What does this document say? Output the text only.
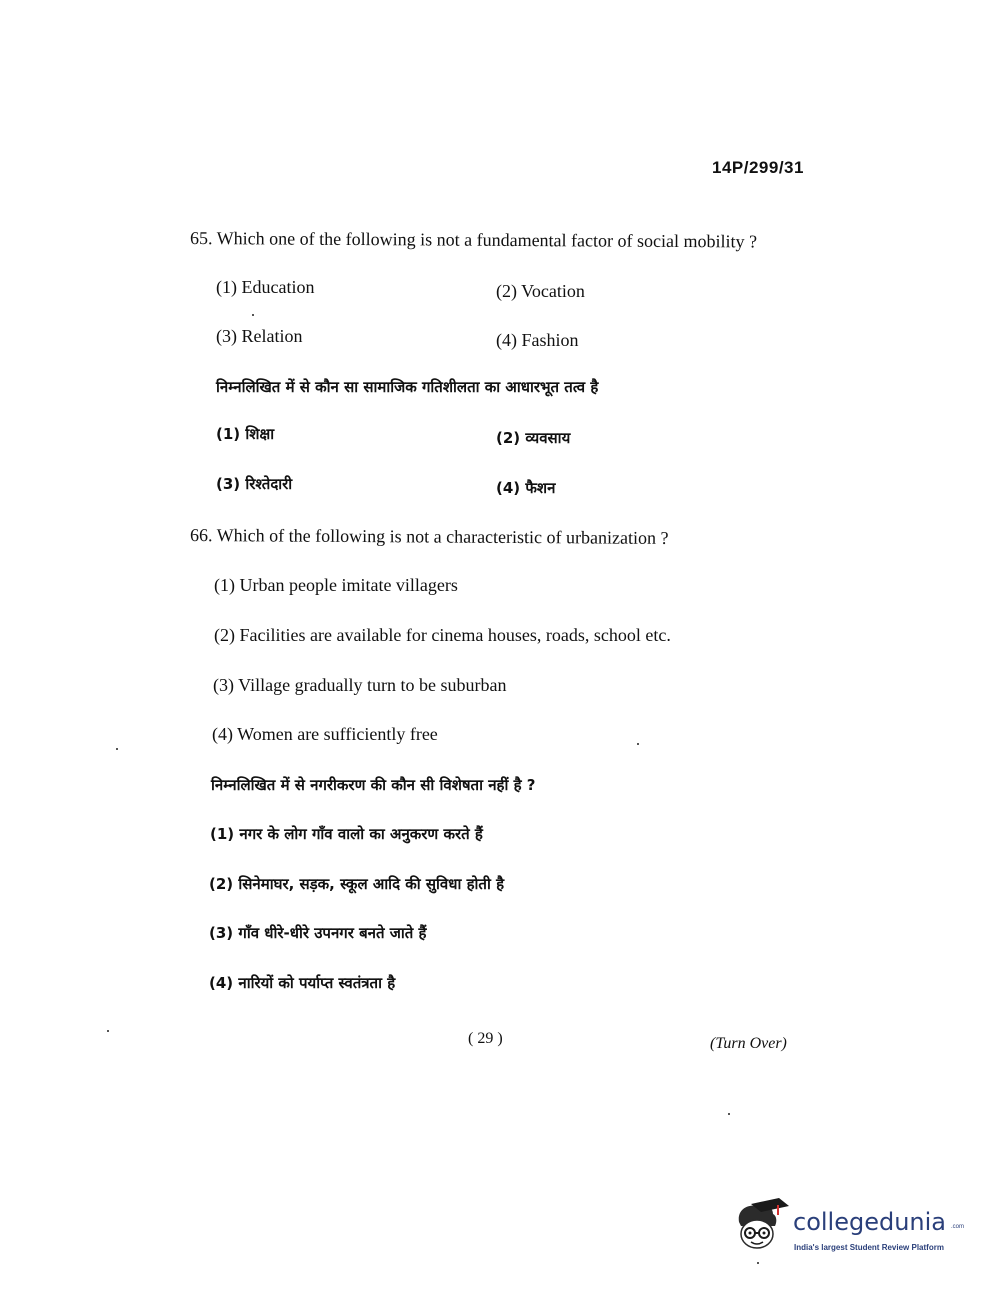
14P/299/31
65. Which one of the following is not a fundamental factor of social mobility ?
(1) Education	(2) Vocation
(3) Relation	(4) Fashion
निम्नलिखित में से कौन सा सामाजिक गतिशीलता का आधारभूत तत्व है
(1) शिक्षा	(2) व्यवसाय
(3) रिश्तेदारी	(4) फैशन
66. Which of the following is not a characteristic of urbanization ?
(1) Urban people imitate villagers
(2) Facilities are available for cinema houses, roads, school etc.
(3) Village gradually turn to be suburban
(4) Women are sufficiently free
निम्नलिखित में से नगरीकरण की कौन सी विशेषता नहीं है ?
(1) नगर के लोग गाँव वालो का अनुकरण करते हैं
(2) सिनेमाघर, सड़क, स्कूल आदि की सुविधा होती है
(3) गाँव धीरे-धीरे उपनगर बनते जाते हैं
(4) नारियों को पर्याप्त स्वतंत्रता है
( 29 )	(Turn Over)
collegedunia .com
India's largest Student Review Platform
